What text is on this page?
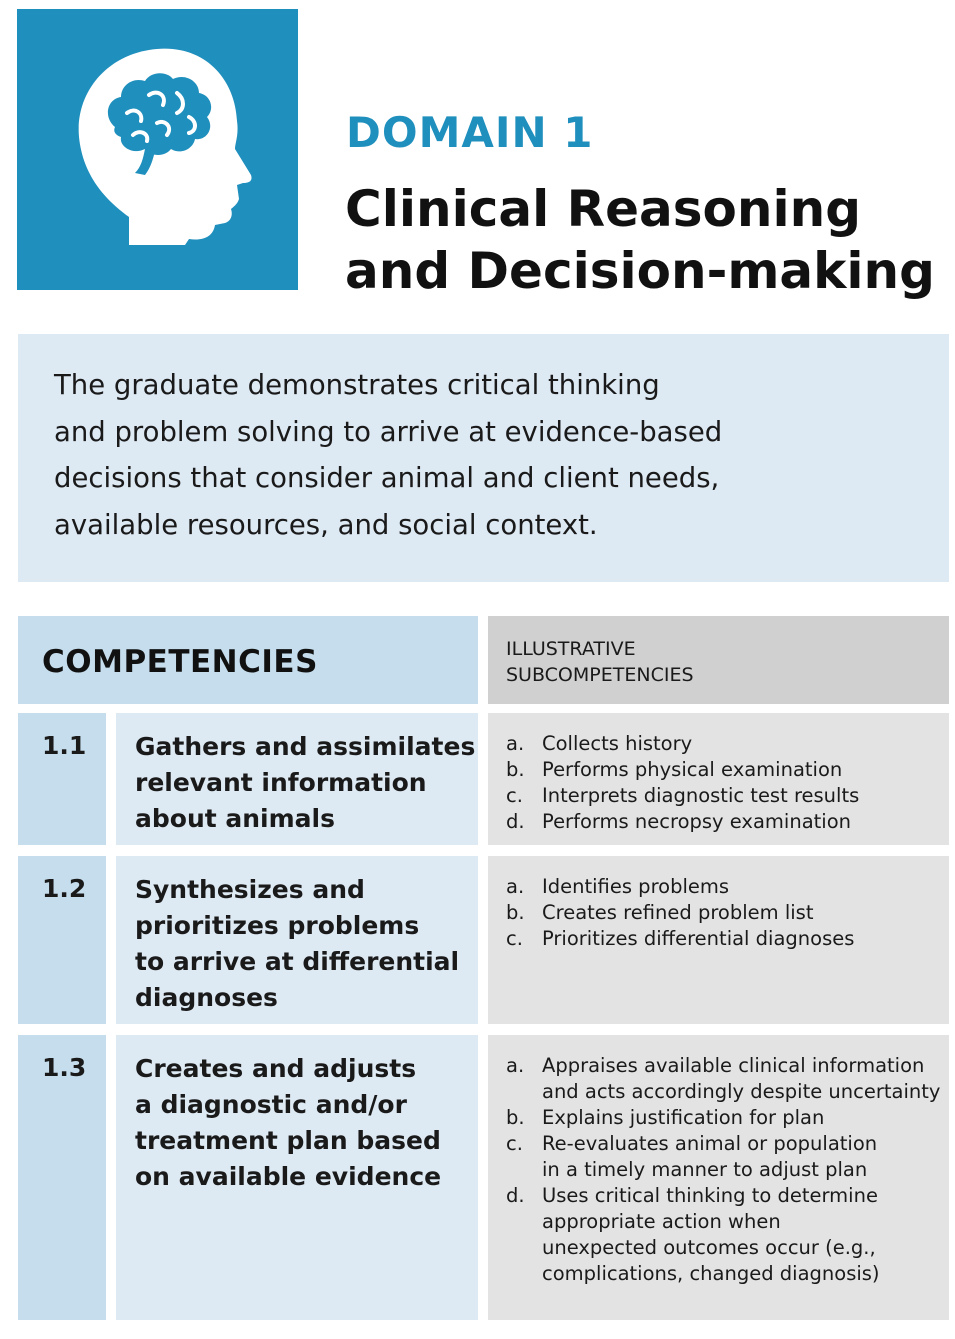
DOMAIN 1
Clinical Reasoning
and Decision-making
The graduate demonstrates critical thinking
and problem solving to arrive at evidence-based
decisions that consider animal and client needs,
available resources, and social context.
COMPETENCIES	ILLUSTRATIVE
SUBCOMPETENCIES
1.1 Gathers and assimilates
relevant information
about animals
a. Collects history
b. Performs physical examination
c. Interprets diagnostic test results
d. Performs necropsy examination
1.2 Synthesizes and
prioritizes problems
to arrive at differential
diagnoses
a. Identifies problems
b. Creates refined problem list
c. Prioritizes differential diagnoses
1.3 Creates and adjusts
a diagnostic and/or
treatment plan based
on available evidence
a. Appraises available clinical information
and acts accordingly despite uncertainty
b. Explains justification for plan
c. Re-evaluates animal or population
in a timely manner to adjust plan
d. Uses critical thinking to determine
appropriate action when
unexpected outcomes occur (e.g.,
complications, changed diagnosis)
